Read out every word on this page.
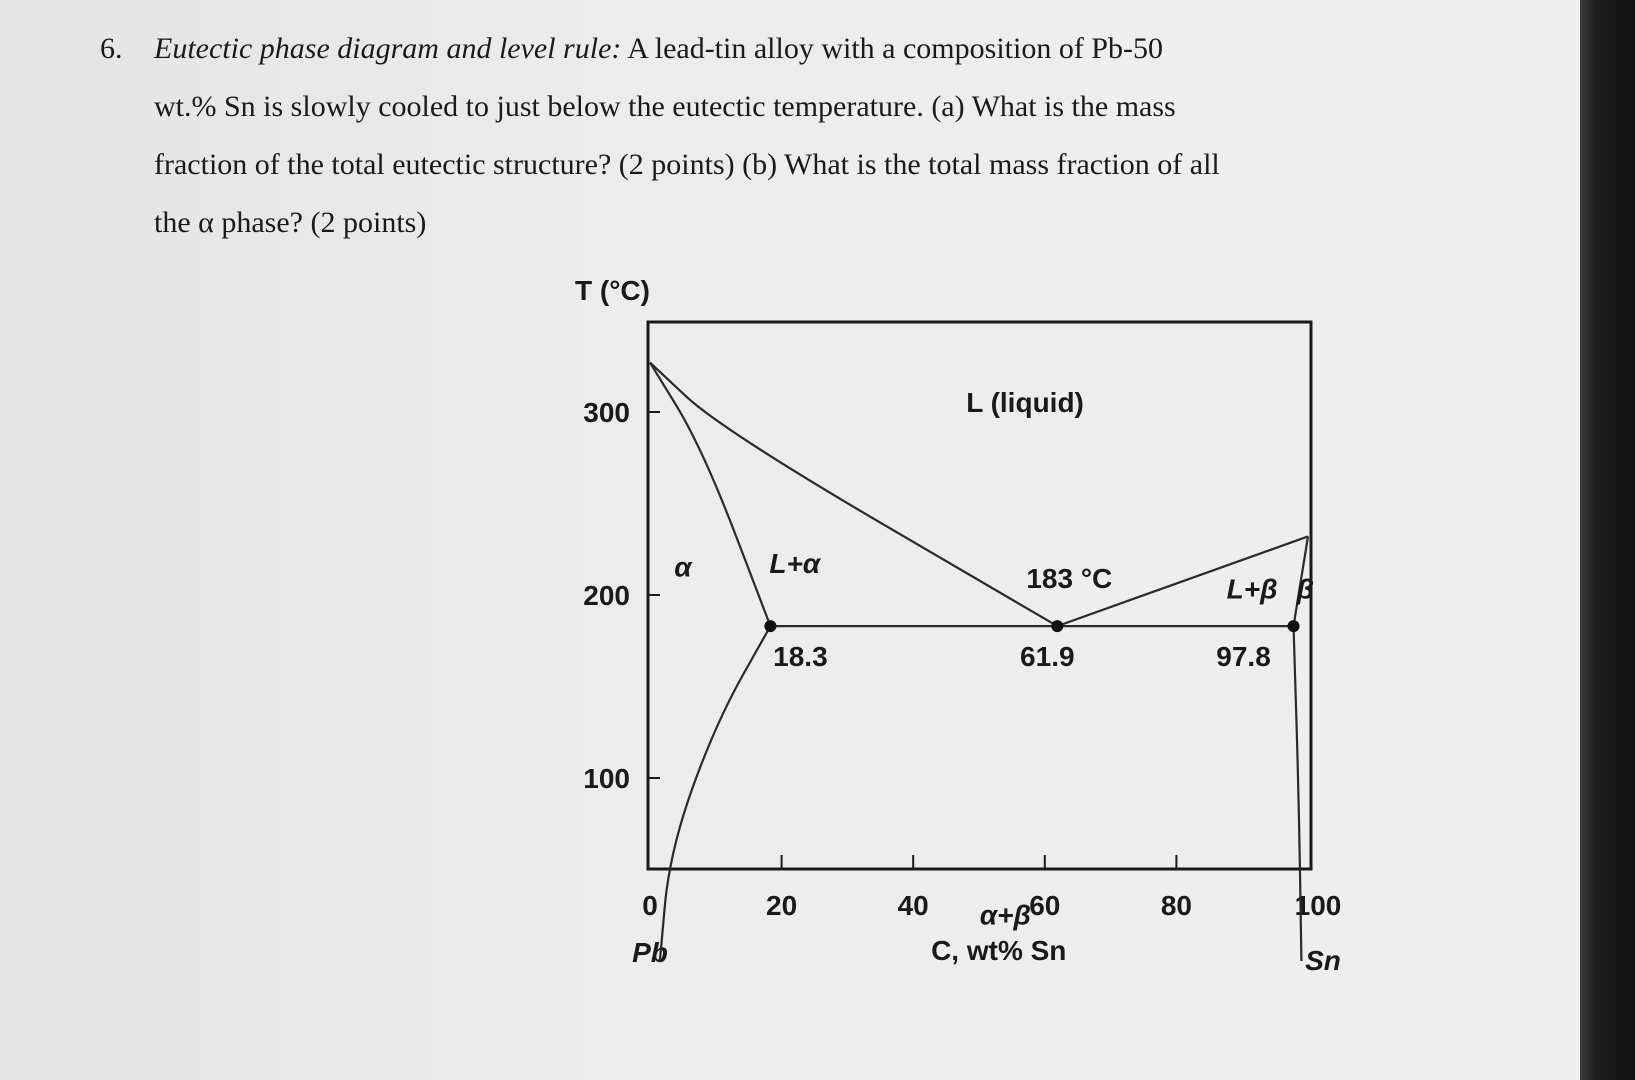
6. Eutectic phase diagram and level rule: A lead-tin alloy with a composition of Pb-50
wt.% Sn is slowly cooled to just below the eutectic temperature. (a) What is the mass
fraction of the total eutectic structure? (2 points) (b) What is the total mass fraction of all
the α phase? (2 points)
T (°C)
100
200
300
0	20	40	60	80	100
Pb	Sn
C, wt% Sn
18.3	61.9	97.8
183 °C
L (liquid)
α	L+α
L+β β
α+β
